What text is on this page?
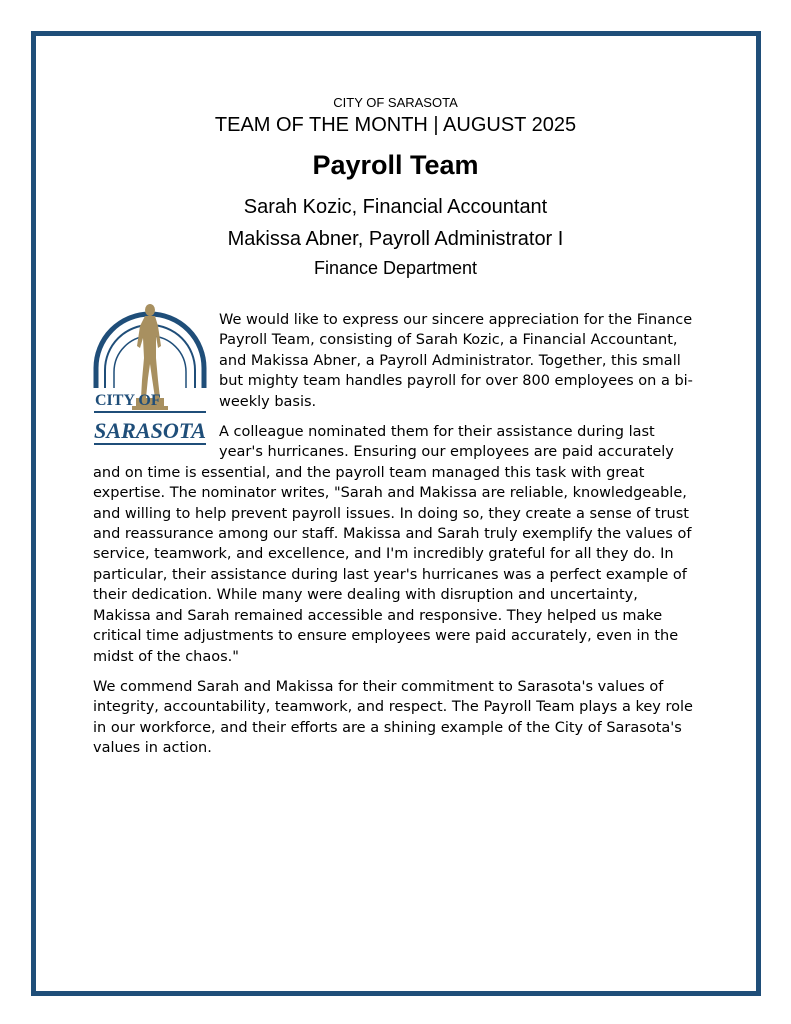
CITY OF SARASOTA
TEAM OF THE MONTH | AUGUST 2025
Payroll Team
Sarah Kozic, Financial Accountant
Makissa Abner, Payroll Administrator I
Finance Department
CITY OF
SARASOTA

We would like to express our sincere appreciation for the Finance Payroll Team, consisting of Sarah Kozic, a Financial Accountant, and Makissa Abner, a Payroll Administrator. Together, this small but mighty team handles payroll for over 800 employees on a bi-weekly basis.

A colleague nominated them for their assistance during last year's hurricanes. Ensuring our employees are paid accurately and on time is essential, and the payroll team managed this task with great expertise. The nominator writes, "Sarah and Makissa are reliable, knowledgeable, and willing to help prevent payroll issues. In doing so, they create a sense of trust and reassurance among our staff. Makissa and Sarah truly exemplify the values of service, teamwork, and excellence, and I'm incredibly grateful for all they do. In particular, their assistance during last year's hurricanes was a perfect example of their dedication. While many were dealing with disruption and uncertainty, Makissa and Sarah remained accessible and responsive. They helped us make critical time adjustments to ensure employees were paid accurately, even in the midst of the chaos."

We commend Sarah and Makissa for their commitment to Sarasota's values of integrity, accountability, teamwork, and respect. The Payroll Team plays a key role in our workforce, and their efforts are a shining example of the City of Sarasota's values in action.
